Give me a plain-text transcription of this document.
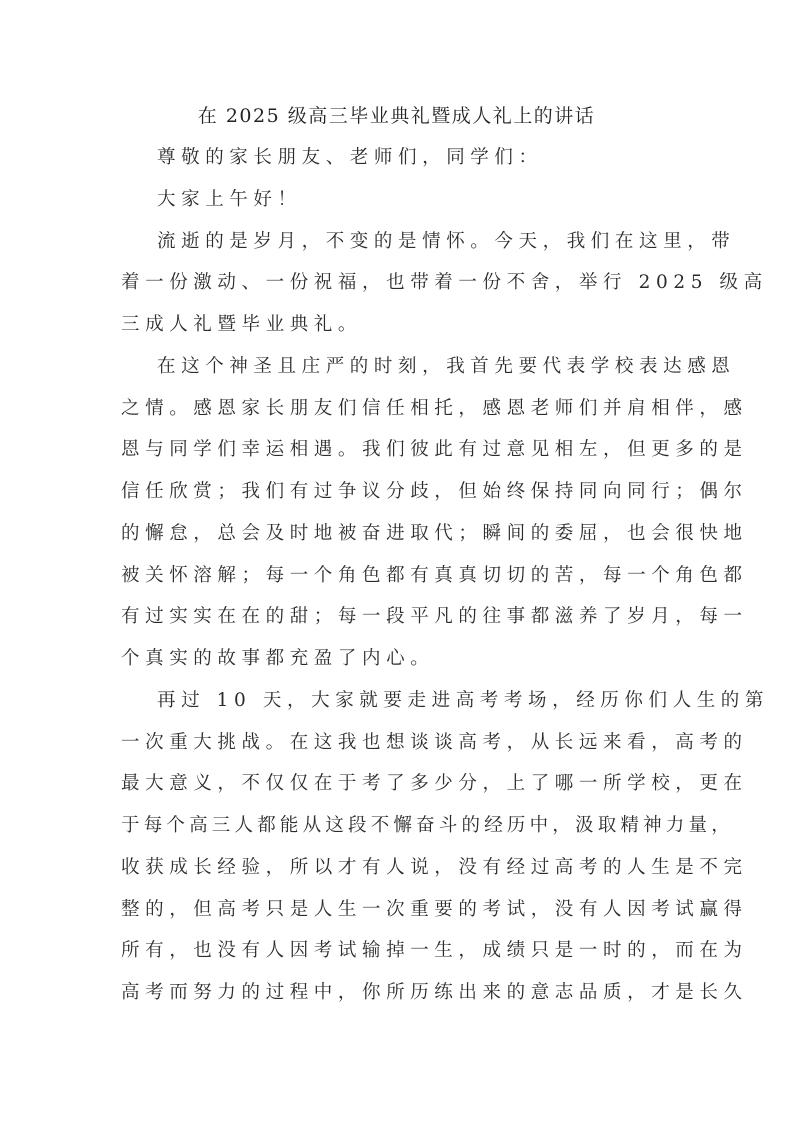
在 2025 级高三毕业典礼暨成人礼上的讲话
尊敬的家长朋友、老师们，同学们：
大家上午好！
流逝的是岁月，不变的是情怀。今天，我们在这里，带
着一份激动、一份祝福，也带着一份不舍，举行 2025 级高
三成人礼暨毕业典礼。
在这个神圣且庄严的时刻，我首先要代表学校表达感恩
之情。感恩家长朋友们信任相托，感恩老师们并肩相伴，感
恩与同学们幸运相遇。我们彼此有过意见相左，但更多的是
信任欣赏；我们有过争议分歧，但始终保持同向同行；偶尔
的懈怠，总会及时地被奋进取代；瞬间的委屈，也会很快地
被关怀溶解；每一个角色都有真真切切的苦，每一个角色都
有过实实在在的甜；每一段平凡的往事都滋养了岁月，每一
个真实的故事都充盈了内心。
再过 10 天，大家就要走进高考考场，经历你们人生的第
一次重大挑战。在这我也想谈谈高考，从长远来看，高考的
最大意义，不仅仅在于考了多少分，上了哪一所学校，更在
于每个高三人都能从这段不懈奋斗的经历中，汲取精神力量，
收获成长经验，所以才有人说，没有经过高考的人生是不完
整的，但高考只是人生一次重要的考试，没有人因考试赢得
所有，也没有人因考试输掉一生，成绩只是一时的，而在为
高考而努力的过程中，你所历练出来的意志品质，才是长久
